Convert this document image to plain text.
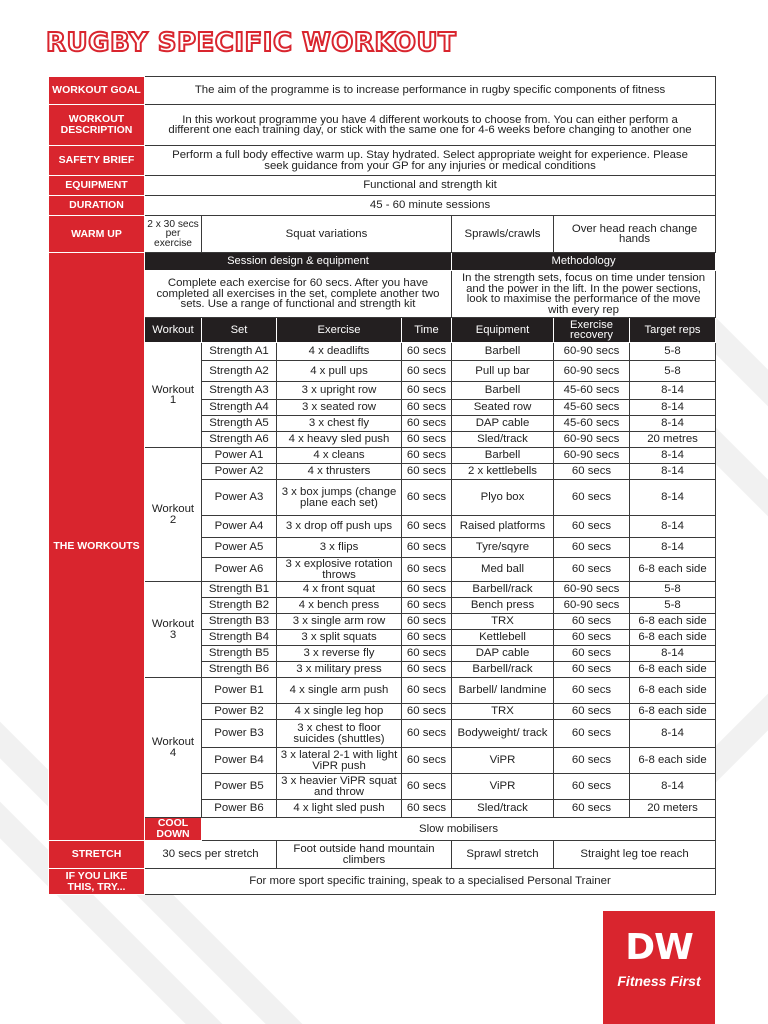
RUGBY SPECIFIC WORKOUT
WORKOUT GOAL	The aim of the programme is to increase performance in rugby specific components of fitness						
WORKOUT DESCRIPTION	In this workout programme you have 4 different workouts to choose from. You can either perform a different one each training day, or stick with the same one for 4-6 weeks before changing to another one						
SAFETY BRIEF	Perform a full body effective warm up. Stay hydrated. Select appropriate weight for experience. Please seek guidance from your GP for any injuries or medical conditions						
EQUIPMENT	Functional and strength kit						
DURATION	45 - 60 minute sessions						
WARM UP	2 x 30 secs per exercise	Squat variations			Sprawls/crawls	Over head reach change hands	
THE WORKOUTS	Session design & equipment				Methodology		
	Complete each exercise for 60 secs. After you have completed all exercises in the set, complete another two sets. Use a range of functional and strength kit				In the strength sets, focus on time under tension and the power in the lift. In the power sections, look to maximise the performance of the move with every rep		
	Workout	Set	Exercise	Time	Equipment	Exercise recovery	Target reps
	Workout 1	Strength A1	4 x deadlifts	60 secs	Barbell	60-90 secs	5-8
		Strength A2	4 x pull ups	60 secs	Pull up bar	60-90 secs	5-8
		Strength A3	3 x upright row	60 secs	Barbell	45-60 secs	8-14
		Strength A4	3 x seated row	60 secs	Seated row	45-60 secs	8-14
		Strength A5	3 x chest fly	60 secs	DAP cable	45-60 secs	8-14
		Strength A6	4 x heavy sled push	60 secs	Sled/track	60-90 secs	20 metres
	Workout 2	Power A1	4 x cleans	60 secs	Barbell	60-90 secs	8-14
		Power A2	4 x thrusters	60 secs	2 x kettlebells	60 secs	8-14
		Power A3	3 x box jumps (change plane each set)	60 secs	Plyo box	60 secs	8-14
		Power A4	3 x drop off push ups	60 secs	Raised platforms	60 secs	8-14
		Power A5	3 x flips	60 secs	Tyre/sqyre	60 secs	8-14
		Power A6	3 x explosive rotation throws	60 secs	Med ball	60 secs	6-8 each side
	Workout 3	Strength B1	4 x front squat	60 secs	Barbell/rack	60-90 secs	5-8
		Strength B2	4 x bench press	60 secs	Bench press	60-90 secs	5-8
		Strength B3	3 x single arm row	60 secs	TRX	60 secs	6-8 each side
		Strength B4	3 x split squats	60 secs	Kettlebell	60 secs	6-8 each side
		Strength B5	3 x reverse fly	60 secs	DAP cable	60 secs	8-14
		Strength B6	3 x military press	60 secs	Barbell/rack	60 secs	6-8 each side
	Workout 4	Power B1	4 x single arm push	60 secs	Barbell/ landmine	60 secs	6-8 each side
		Power B2	4 x single leg hop	60 secs	TRX	60 secs	6-8 each side
		Power B3	3 x chest to floor suicides (shuttles)	60 secs	Bodyweight/ track	60 secs	8-14
		Power B4	3 x lateral 2-1 with light ViPR push	60 secs	ViPR	60 secs	6-8 each side
		Power B5	3 x heavier ViPR squat and throw	60 secs	ViPR	60 secs	8-14
		Power B6	4 x light sled push	60 secs	Sled/track	60 secs	20 meters
	COOL DOWN	Slow mobilisers					
STRETCH	30 secs per stretch		Foot outside hand mountain climbers		Sprawl stretch	Straight leg toe reach	
IF YOU LIKE THIS, TRY...	For more sport specific training, speak to a specialised Personal Trainer						
DW
Fitness First
